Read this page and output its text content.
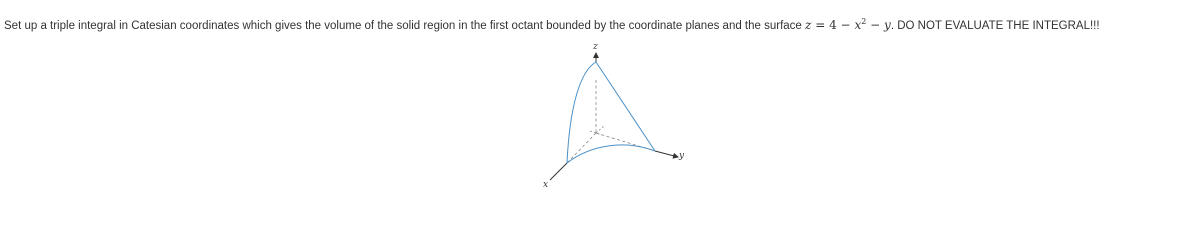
Set up a triple integral in Catesian coordinates which gives the volume of the solid region in the first octant bounded by the coordinate planes and the surface $z = 4 - x^2 - y$. DO NOT EVALUATE THE INTEGRAL!!!
z
y
x
